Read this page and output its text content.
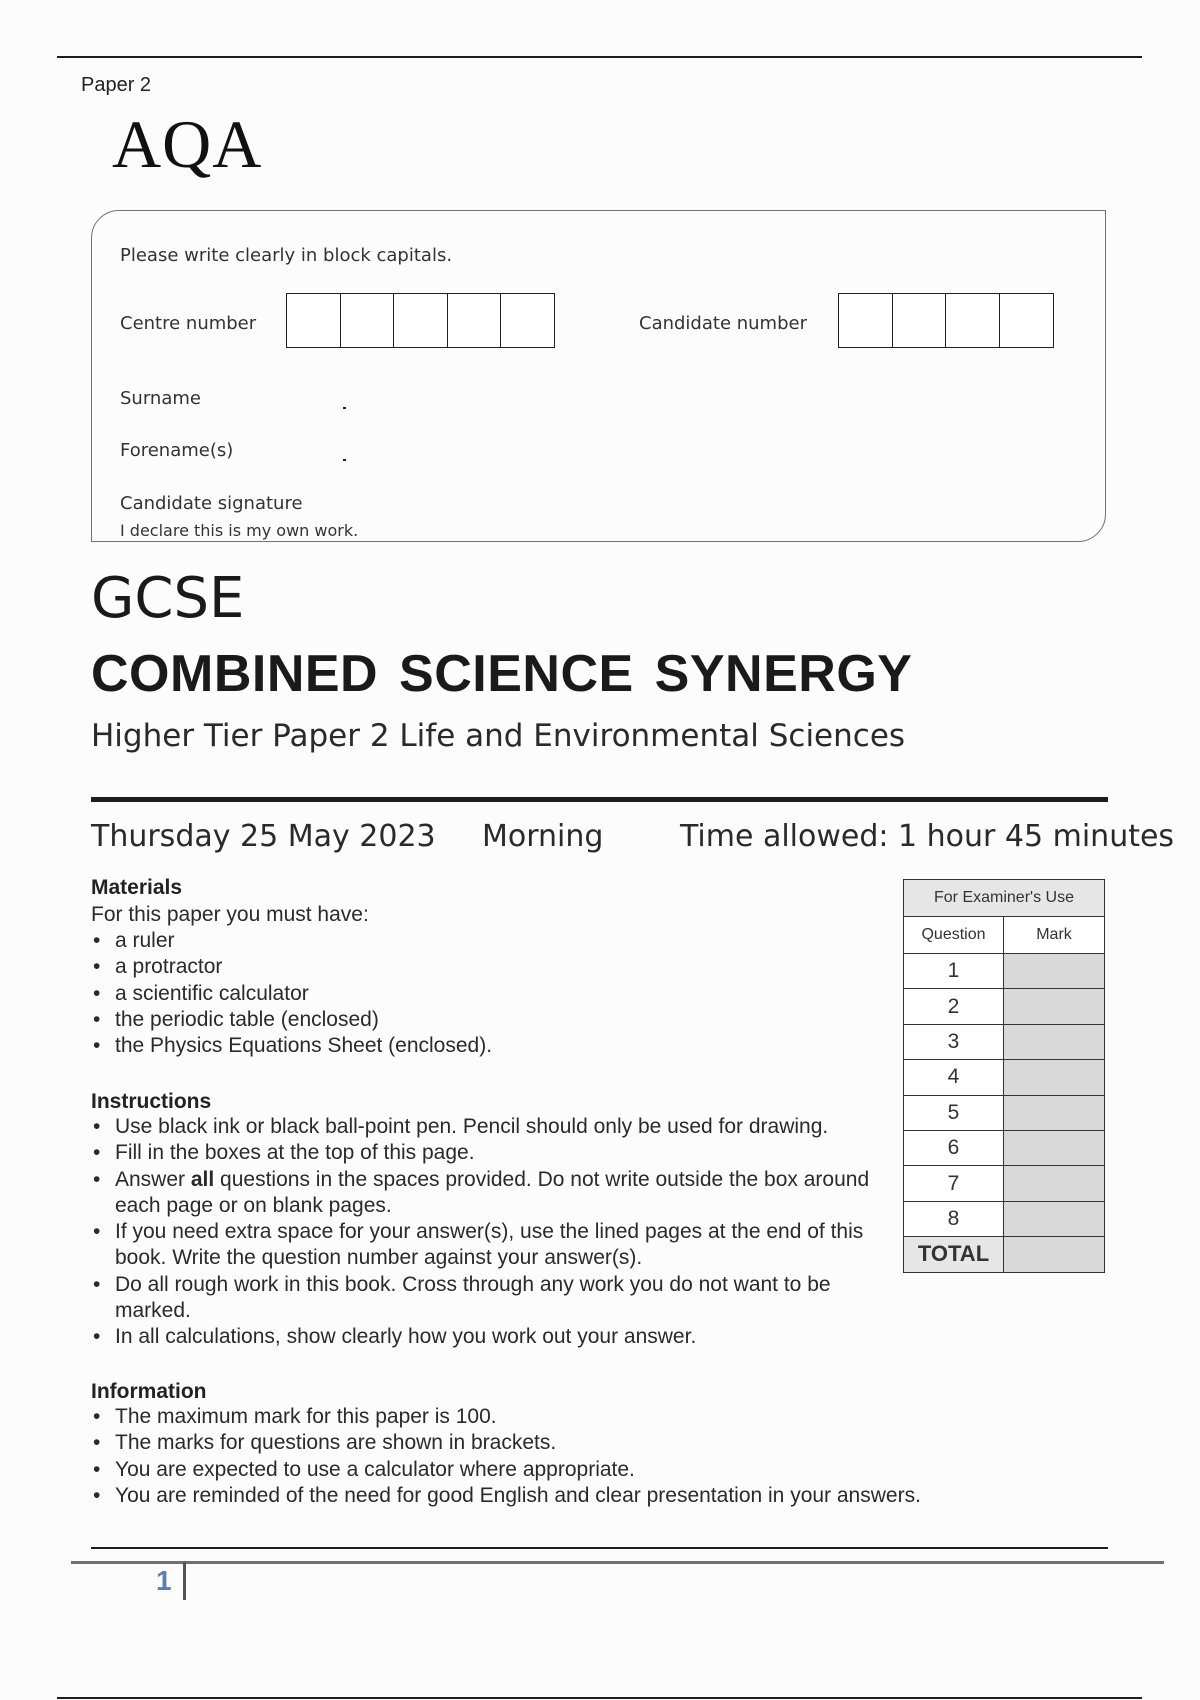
Paper 2
AQA
Please write clearly in block capitals.
Centre number	Candidate number
Surname
Forename(s)
Candidate signature
I declare this is my own work.
GCSE
COMBINED SCIENCE SYNERGY
Higher Tier Paper 2 Life and Environmental Sciences
Thursday 25 May 2023 Morning	Time allowed: 1 hour 45 minutes
Materials
For this paper you must have:
• a ruler
• a protractor
• a scientific calculator
• the periodic table (enclosed)
• the Physics Equations Sheet (enclosed).
Instructions
• Use black ink or black ball-point pen. Pencil should only be used for drawing.
• Fill in the boxes at the top of this page.
• Answer all questions in the spaces provided. Do not write outside the box around each page or on blank pages.
• If you need extra space for your answer(s), use the lined pages at the end of this book. Write the question number against your answer(s).
• Do all rough work in this book. Cross through any work you do not want to be marked.
• In all calculations, show clearly how you work out your answer.
Information
• The maximum mark for this paper is 100.
• The marks for questions are shown in brackets.
• You are expected to use a calculator where appropriate.
• You are reminded of the need for good English and clear presentation in your answers.
For Examiner's Use	
Question	Mark
1	
2	
3	
4	
5	
6	
7	
8	
TOTAL	
1
